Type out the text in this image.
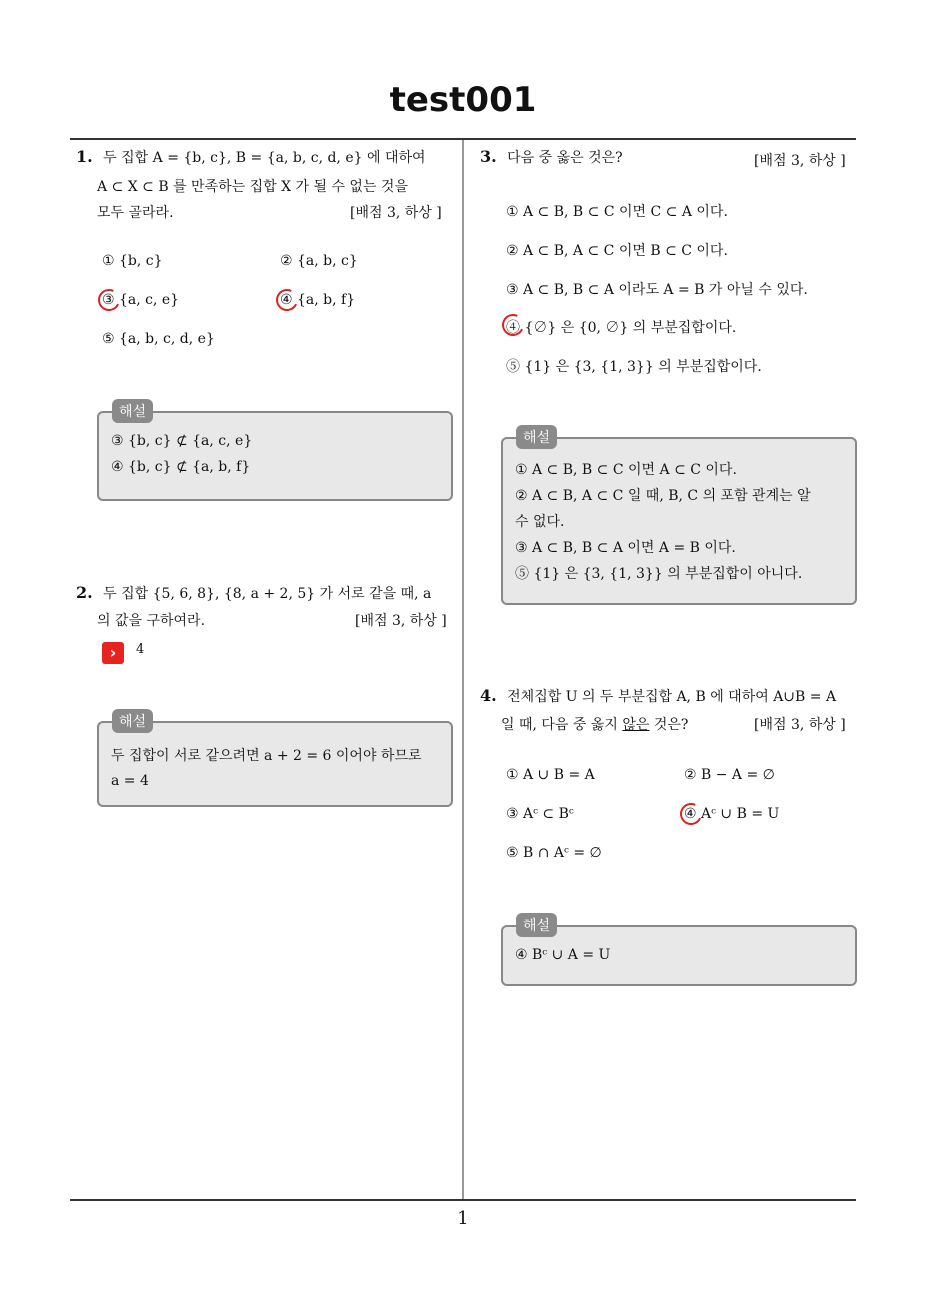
test001
1
1. 두 집합 A = {b, c}, B = {a, b, c, d, e} 에 대하여
A ⊂ X ⊂ B 를 만족하는 집합 X 가 될 수 없는 것을
모두 골라라.	[배점 3, 하상 ]
① {b, c}	② {a, b, c}
③ {a, c, e}	④ {a, b, f}
⑤ {a, b, c, d, e}
③ {b, c} ⊄ {a, c, e}
④ {b, c} ⊄ {a, b, f}
해설
2. 두 집합 {5, 6, 8}, {8, a + 2, 5} 가 서로 같을 때, a
의 값을 구하여라.	[배점 3, 하상 ]
›	4
두 집합이 서로 같으려면 a + 2 = 6 이어야 하므로
a = 4
해설
3. 다음 중 옳은 것은?	[배점 3, 하상 ]
① A ⊂ B, B ⊂ C 이면 C ⊂ A 이다.
② A ⊂ B, A ⊂ C 이면 B ⊂ C 이다.
③ A ⊂ B, B ⊂ A 이라도 A = B 가 아닐 수 있다.
④ {∅} 은 {0, ∅} 의 부분집합이다.
⑤ {1} 은 {3, {1, 3}} 의 부분집합이다.
① A ⊂ B, B ⊂ C 이면 A ⊂ C 이다.
② A ⊂ B, A ⊂ C 일 때, B, C 의 포함 관계는 알
수 없다.
③ A ⊂ B, B ⊂ A 이면 A = B 이다.
⑤ {1} 은 {3, {1, 3}} 의 부분집합이 아니다.
해설
4. 전체집합 U 의 두 부분집합 A, B 에 대하여 A∪B = A
일 때, 다음 중 옳지 않은 것은?	[배점 3, 하상 ]
① A ∪ B = A	② B − A = ∅
③ Aᶜ ⊂ Bᶜ	④ Aᶜ ∪ B = U
⑤ B ∩ Aᶜ = ∅
④ Bᶜ ∪ A = U
해설
